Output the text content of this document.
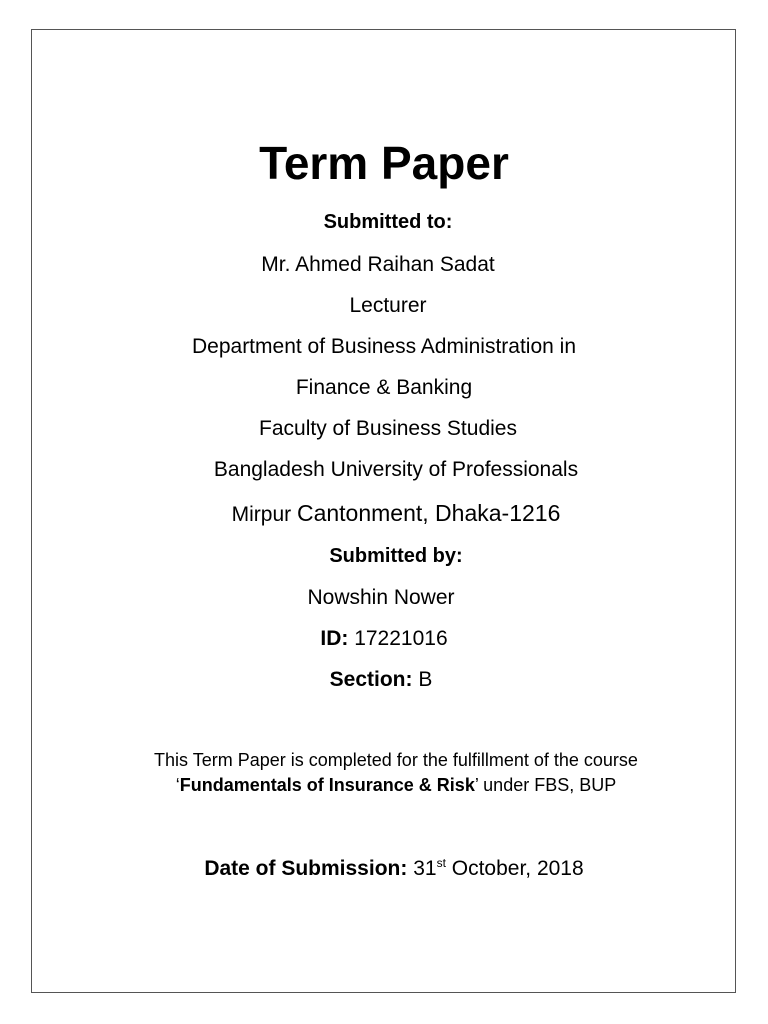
Term Paper
Submitted to:
Mr. Ahmed Raihan Sadat
Lecturer
Department of Business Administration in
Finance & Banking
Faculty of Business Studies
Bangladesh University of Professionals
Mirpur Cantonment, Dhaka-1216
Submitted by:
Nowshin Nower
ID: 17221016
Section: B
This Term Paper is completed for the fulfillment of the course
‘Fundamentals of Insurance & Risk’ under FBS, BUP
Date of Submission: 31st October, 2018
